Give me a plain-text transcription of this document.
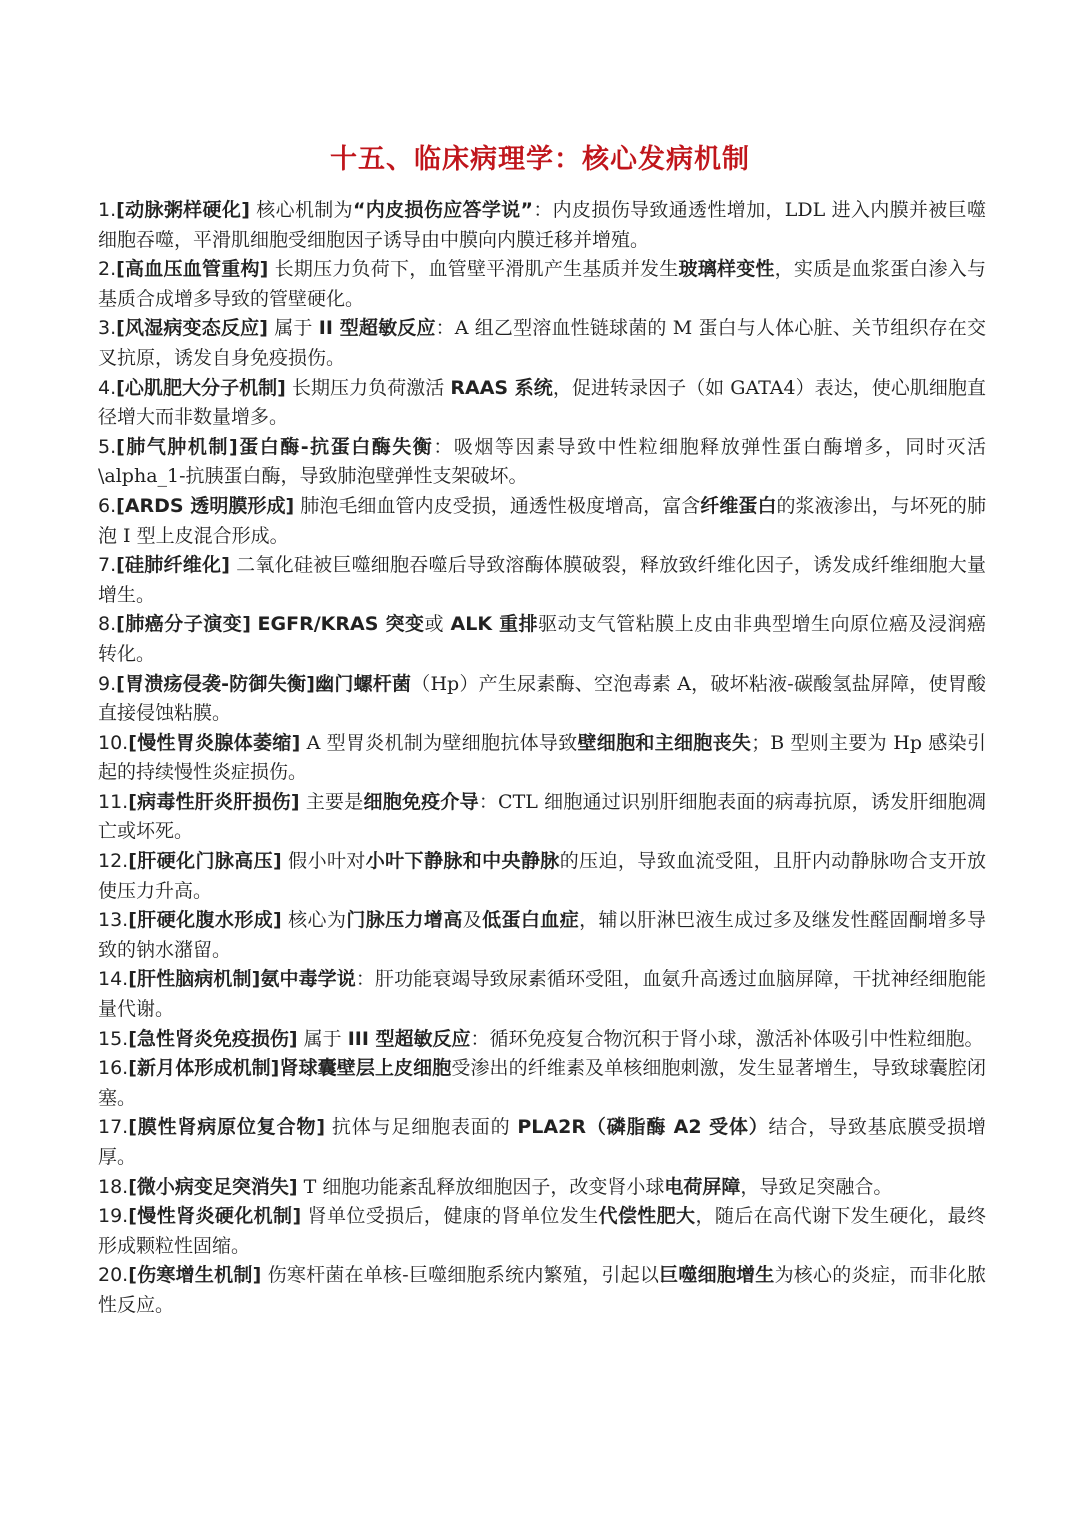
十五、临床病理学：核心发病机制

1.[动脉粥样硬化] 核心机制为“内皮损伤应答学说”：内皮损伤导致通透性增加，LDL 进入内膜并被巨噬细胞吞噬，平滑肌细胞受细胞因子诱导由中膜向内膜迁移并增殖。

2.[高血压血管重构] 长期压力负荷下，血管壁平滑肌产生基质并发生玻璃样变性，实质是血浆蛋白渗入与基质合成增多导致的管壁硬化。

3.[风湿病变态反应] 属于 II 型超敏反应：A 组乙型溶血性链球菌的 M 蛋白与人体心脏、关节组织存在交叉抗原，诱发自身免疫损伤。

4.[心肌肥大分子机制] 长期压力负荷激活 RAAS 系统，促进转录因子（如 GATA4）表达，使心肌细胞直径增大而非数量增多。

5.[肺气肿机制]蛋白酶-抗蛋白酶失衡：吸烟等因素导致中性粒细胞释放弹性蛋白酶增多，同时灭活\alpha_1-抗胰蛋白酶，导致肺泡壁弹性支架破坏。

6.[ARDS 透明膜形成] 肺泡毛细血管内皮受损，通透性极度增高，富含纤维蛋白的浆液渗出，与坏死的肺泡 I 型上皮混合形成。

7.[硅肺纤维化] 二氧化硅被巨噬细胞吞噬后导致溶酶体膜破裂，释放致纤维化因子，诱发成纤维细胞大量增生。

8.[肺癌分子演变] EGFR/KRAS 突变或 ALK 重排驱动支气管粘膜上皮由非典型增生向原位癌及浸润癌转化。

9.[胃溃疡侵袭-防御失衡]幽门螺杆菌（Hp）产生尿素酶、空泡毒素 A，破坏粘液-碳酸氢盐屏障，使胃酸直接侵蚀粘膜。

10.[慢性胃炎腺体萎缩] A 型胃炎机制为壁细胞抗体导致壁细胞和主细胞丧失；B 型则主要为 Hp 感染引起的持续慢性炎症损伤。

11.[病毒性肝炎肝损伤] 主要是细胞免疫介导：CTL 细胞通过识别肝细胞表面的病毒抗原，诱发肝细胞凋亡或坏死。

12.[肝硬化门脉高压] 假小叶对小叶下静脉和中央静脉的压迫，导致血流受阻，且肝内动静脉吻合支开放使压力升高。

13.[肝硬化腹水形成] 核心为门脉压力增高及低蛋白血症，辅以肝淋巴液生成过多及继发性醛固酮增多导致的钠水潴留。

14.[肝性脑病机制]氨中毒学说：肝功能衰竭导致尿素循环受阻，血氨升高透过血脑屏障，干扰神经细胞能量代谢。

15.[急性肾炎免疫损伤] 属于 III 型超敏反应：循环免疫复合物沉积于肾小球，激活补体吸引中性粒细胞。

16.[新月体形成机制]肾球囊壁层上皮细胞受渗出的纤维素及单核细胞刺激，发生显著增生，导致球囊腔闭塞。

17.[膜性肾病原位复合物] 抗体与足细胞表面的 PLA2R（磷脂酶 A2 受体）结合，导致基底膜受损增厚。

18.[微小病变足突消失] T 细胞功能紊乱释放细胞因子，改变肾小球电荷屏障，导致足突融合。

19.[慢性肾炎硬化机制] 肾单位受损后，健康的肾单位发生代偿性肥大，随后在高代谢下发生硬化，最终形成颗粒性固缩。

20.[伤寒增生机制] 伤寒杆菌在单核-巨噬细胞系统内繁殖，引起以巨噬细胞增生为核心的炎症，而非化脓性反应。
